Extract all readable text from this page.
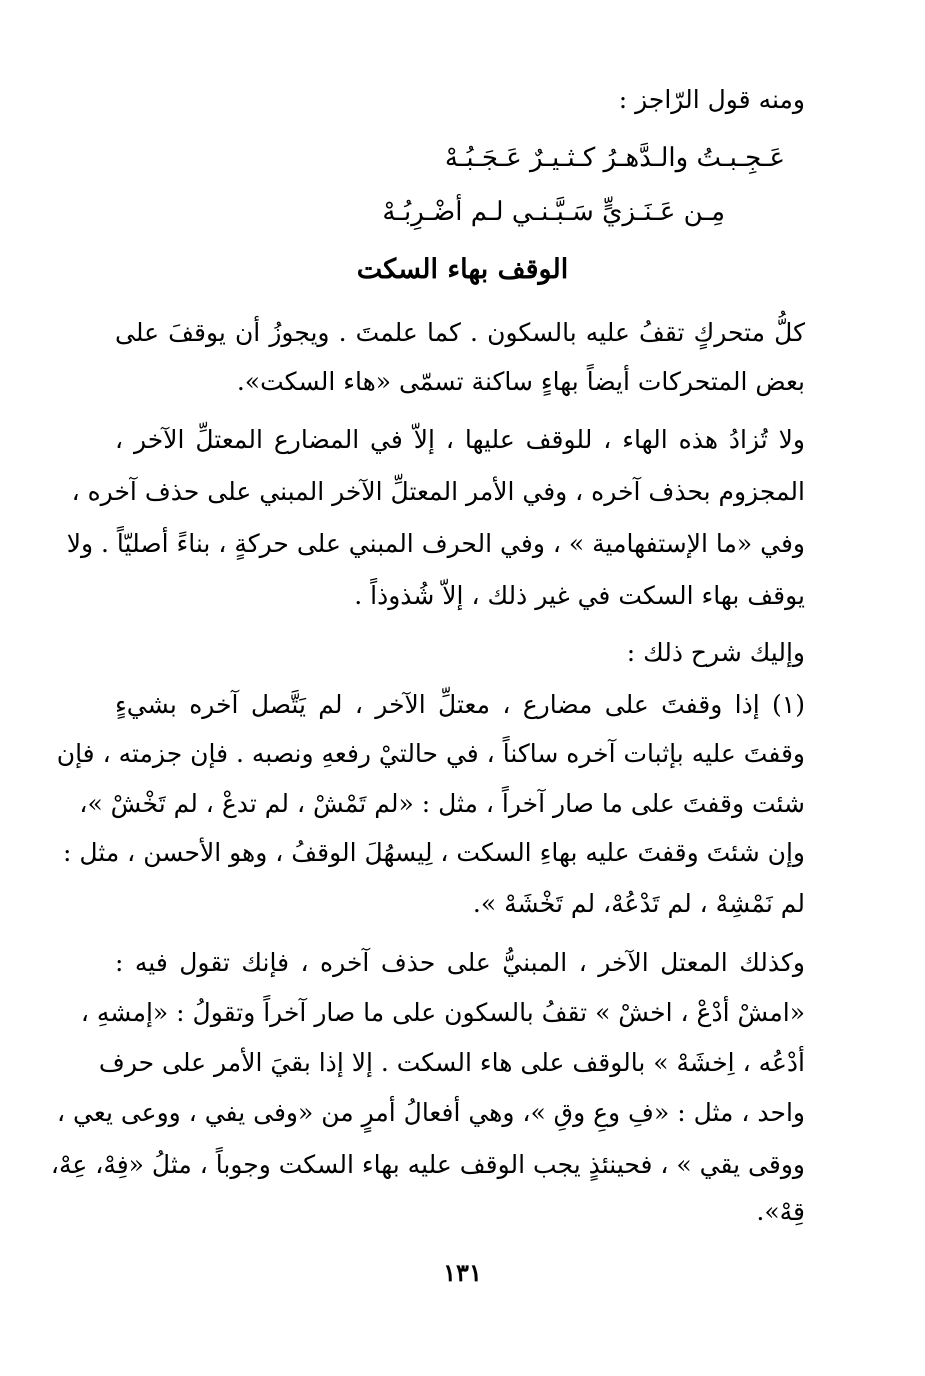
ومنه قول الرّاجز :
عَـجِـبـتُ والـدَّهـرُ كـثـيـرٌ عَـجَـبُـهْ
مِـن عَـنَـزيٍّ سَـبَّـنـي لـم أضْـرِبُـهْ
الوقف بهاء السكت
كلُّ متحركٍ تقفُ عليه بالسكون . كما علمتَ . ويجوزُ أن يوقفَ على
بعض المتحركات أيضاً بهاءٍ ساكنة تسمّى «هاء السكت».
ولا تُزادُ هذه الهاء ، للوقف عليها ، إلاّ في المضارع المعتلِّ الآخر ،
المجزوم بحذف آخره ، وفي الأمر المعتلِّ الآخر المبني على حذف آخره ،
وفي «ما الإستفهامية » ، وفي الحرف المبني على حركةٍ ، بناءً أصليّاً . ولا
يوقف بهاء السكت في غير ذلك ، إلاّ شُذوذاً .
وإليك شرح ذلك :
(١) إذا وقفتَ على مضارع ، معتلِّ الآخر ، لم يَتَّصل آخره بشيءٍ
وقفتَ عليه بإثبات آخره ساكناً ، في حالتيْ رفعهِ ونصبه . فإن جزمته ، فإن
شئت وقفتَ على ما صار آخراً ، مثل : «لم تَمْشْ ، لم تدعْ ، لم تَخْشْ »،
وإن شئتَ وقفتَ عليه بهاءِ السكت ، لِيسهُلَ الوقفُ ، وهو الأحسن ، مثل :
لم نَمْشِهْ ، لم تَدْعُهْ، لم تَخْشَهْ ».
وكذلك المعتل الآخر ، المبنيُّ على حذف آخره ، فإنك تقول فيه :
«امشْ أدْعْ ، اخشْ » تقفُ بالسكون على ما صار آخراً وتقولُ : «إمشهِ ،
أدْعُه ، اِخشَهْ » بالوقف على هاء السكت . إلا إذا بقيَ الأمر على حرف
واحد ، مثل : «فِ وعِ وقِ »، وهي أفعالُ أمرٍ من «وفى يفي ، ووعى يعي ،
ووقى يقي » ، فحينئذٍ يجب الوقف عليه بهاء السكت وجوباً ، مثلُ «فِهْ، عِهْ،
قِهْ».
١٣١
